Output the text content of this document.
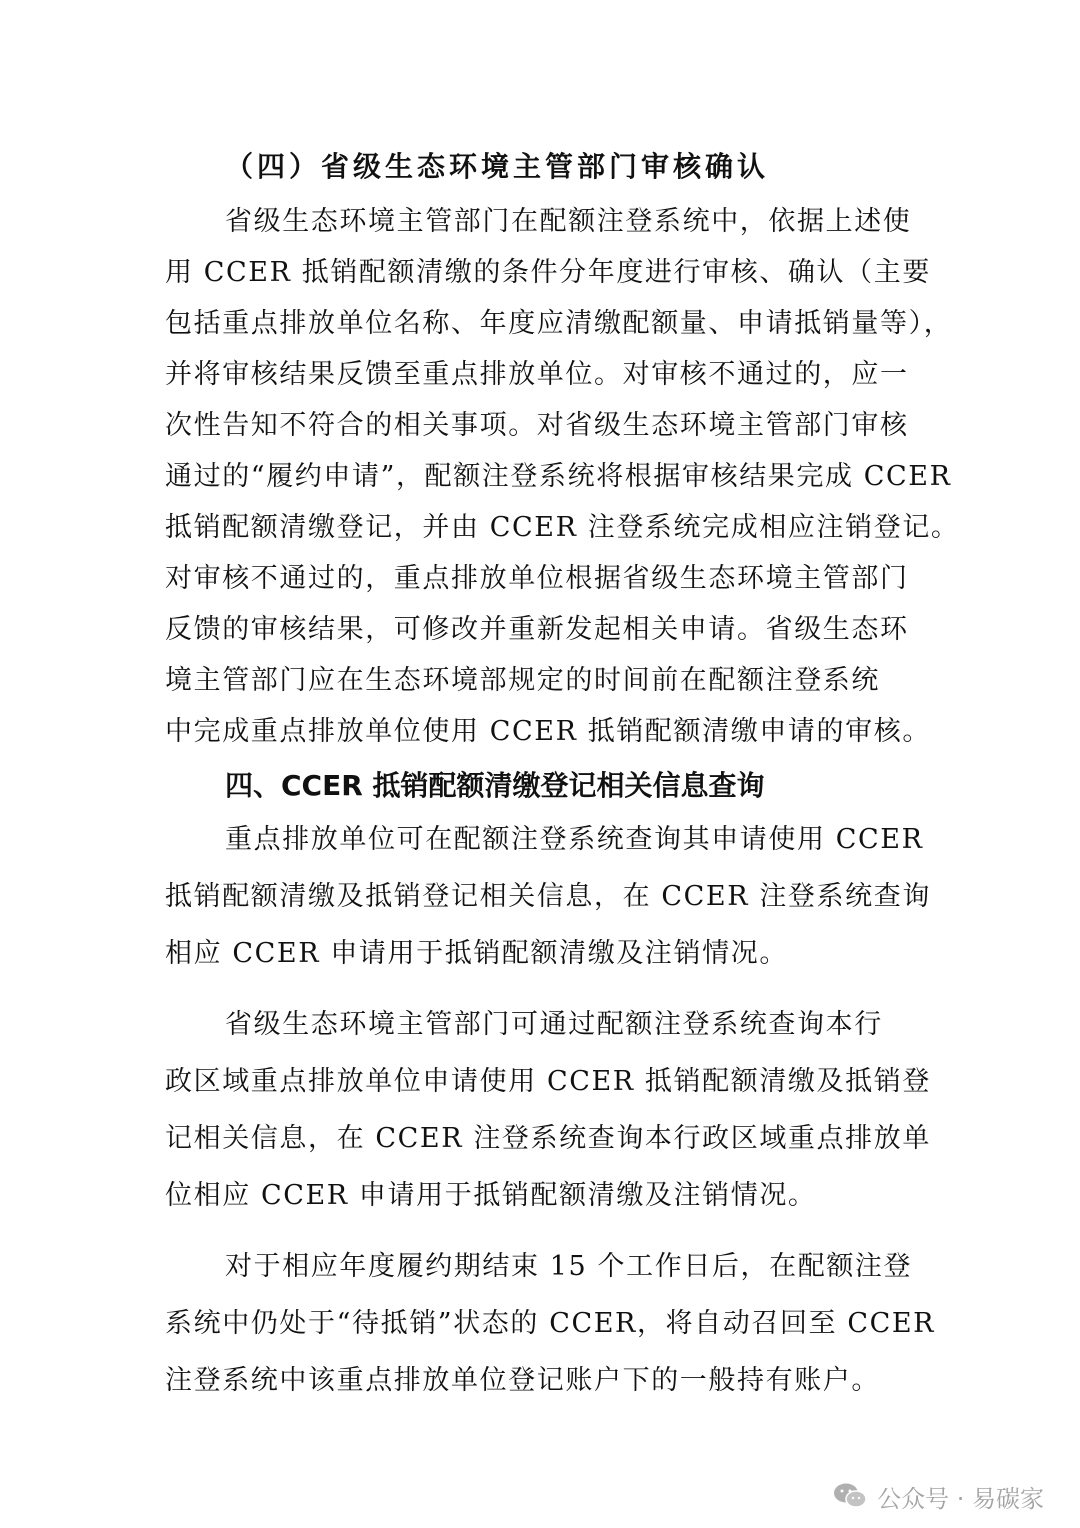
（四）省级生态环境主管部门审核确认
省级生态环境主管部门在配额注登系统中，依据上述使
用 CCER 抵销配额清缴的条件分年度进行审核、确认（主要
包括重点排放单位名称、年度应清缴配额量、申请抵销量等），
并将审核结果反馈至重点排放单位。对审核不通过的，应一
次性告知不符合的相关事项。对省级生态环境主管部门审核
通过的“履约申请”，配额注登系统将根据审核结果完成 CCER
抵销配额清缴登记，并由 CCER 注登系统完成相应注销登记。
对审核不通过的，重点排放单位根据省级生态环境主管部门
反馈的审核结果，可修改并重新发起相关申请。省级生态环
境主管部门应在生态环境部规定的时间前在配额注登系统
中完成重点排放单位使用 CCER 抵销配额清缴申请的审核。
四、CCER 抵销配额清缴登记相关信息查询
重点排放单位可在配额注登系统查询其申请使用 CCER
抵销配额清缴及抵销登记相关信息，在 CCER 注登系统查询
相应 CCER 申请用于抵销配额清缴及注销情况。
省级生态环境主管部门可通过配额注登系统查询本行
政区域重点排放单位申请使用 CCER 抵销配额清缴及抵销登
记相关信息，在 CCER 注登系统查询本行政区域重点排放单
位相应 CCER 申请用于抵销配额清缴及注销情况。
对于相应年度履约期结束 15 个工作日后，在配额注登
系统中仍处于“待抵销”状态的 CCER，将自动召回至 CCER
注登系统中该重点排放单位登记账户下的一般持有账户。
公众号 · 易碳家
